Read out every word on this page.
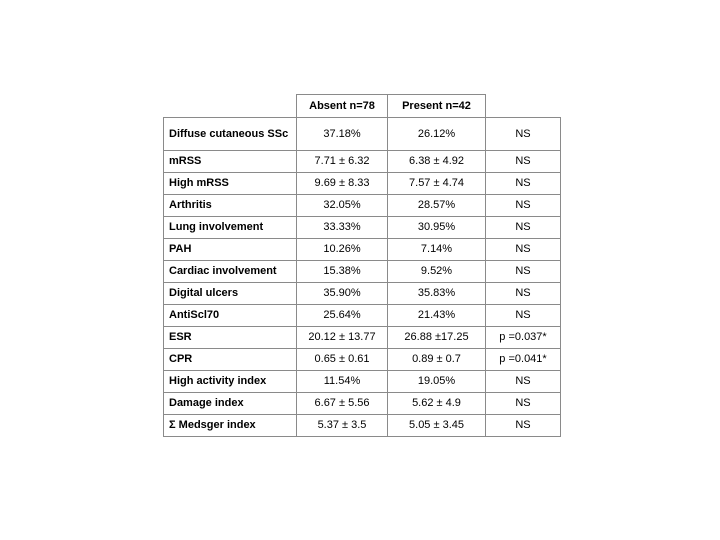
	Absent n=78	Present n=42	
Diffuse cutaneous SSc	37.18%	26.12%	NS
mRSS	7.71 ± 6.32	6.38 ± 4.92	NS
High mRSS	9.69 ± 8.33	7.57 ± 4.74	NS
Arthritis	32.05%	28.57%	NS
Lung involvement	33.33%	30.95%	NS
PAH	10.26%	7.14%	NS
Cardiac involvement	15.38%	9.52%	NS
Digital ulcers	35.90%	35.83%	NS
AntiScl70	25.64%	21.43%	NS
ESR	20.12 ± 13.77	26.88 ±17.25	p =0.037*
CPR	0.65 ± 0.61	0.89 ± 0.7	p =0.041*
High activity index	11.54%	19.05%	NS
Damage index	6.67 ± 5.56	5.62 ± 4.9	NS
Σ Medsger index	5.37 ± 3.5	5.05 ± 3.45	NS
